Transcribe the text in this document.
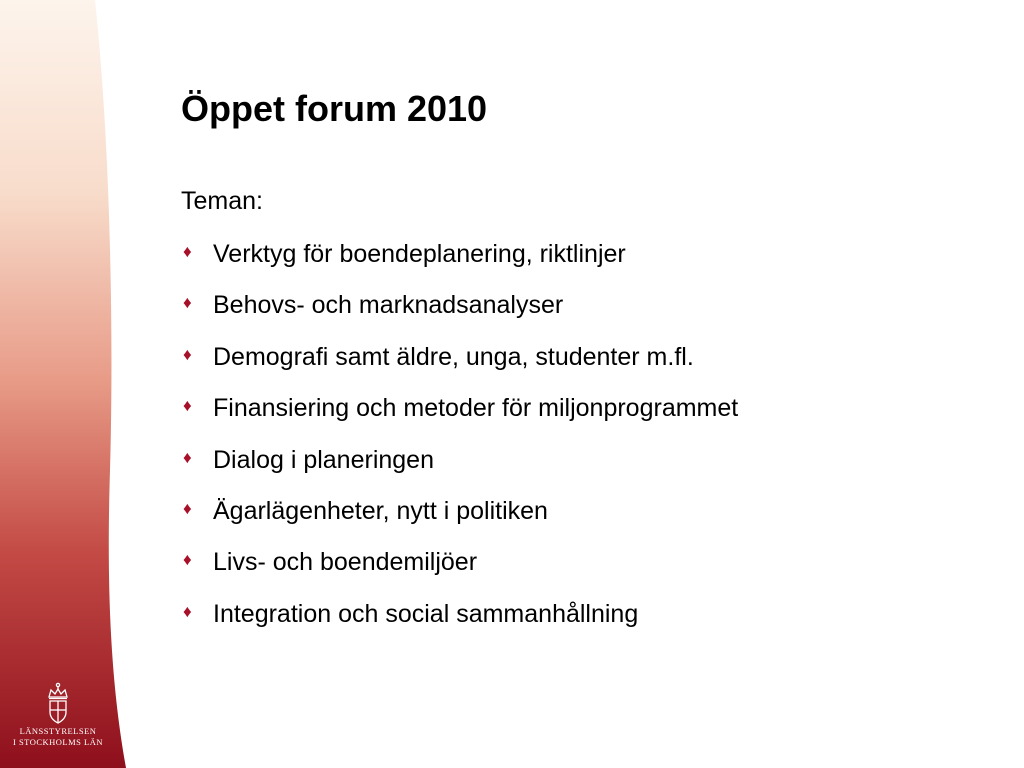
Öppet forum 2010

Teman:

♦ Verktyg för boendeplanering, riktlinjer
♦ Behovs- och marknadsanalyser
♦ Demografi samt äldre, unga, studenter m.fl.
♦ Finansiering och metoder för miljonprogrammet
♦ Dialog i planeringen
♦ Ägarlägenheter, nytt i politiken
♦ Livs- och boendemiljöer
♦ Integration och social sammanhållning
LÄNSSTYRELSEN
I STOCKHOLMS LÄN
